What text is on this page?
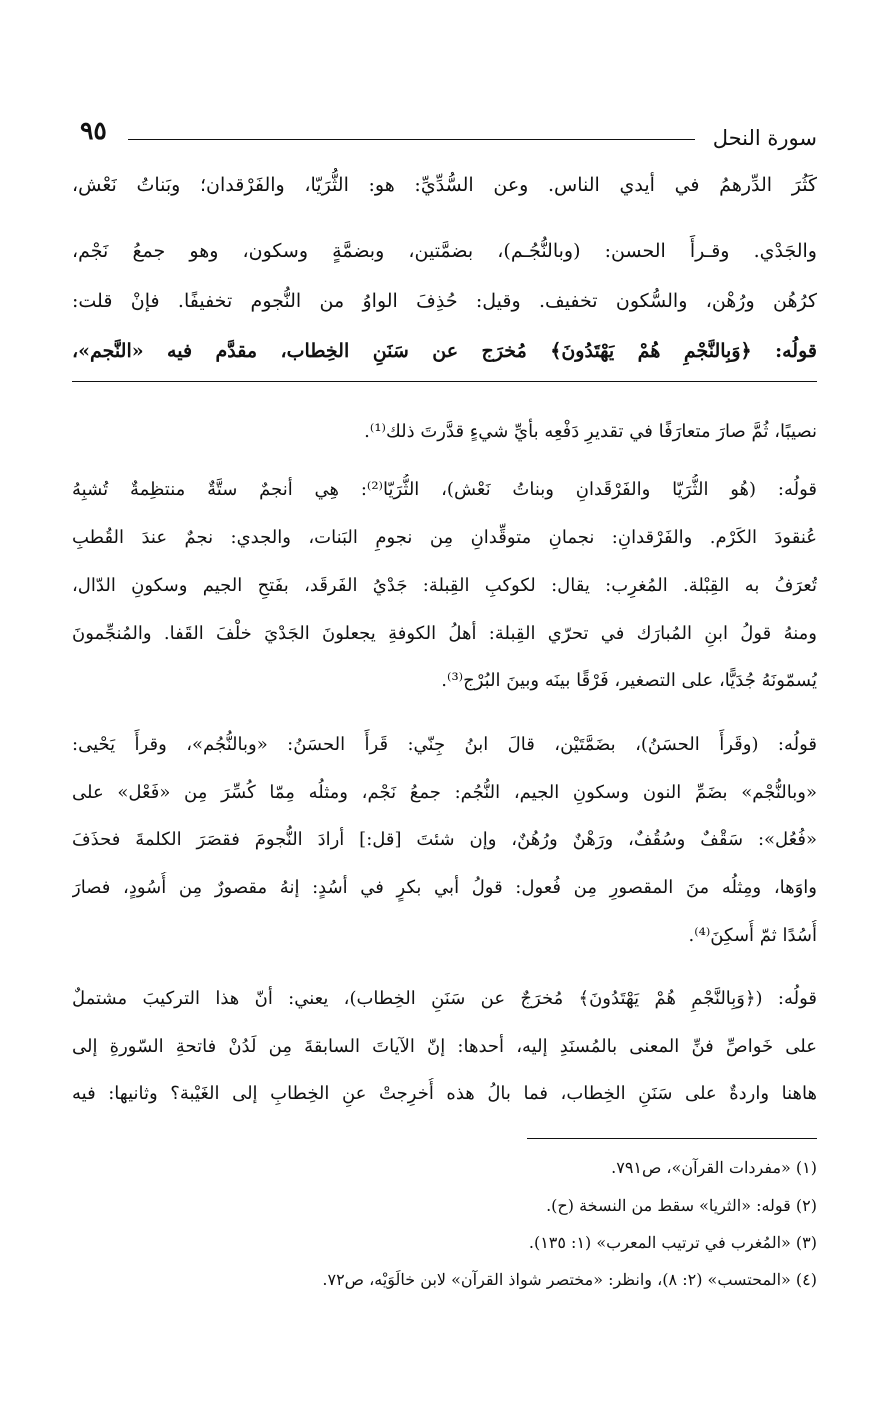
سورة النحل
٩٥
كَثُرَ الدِّرهمُ في أيدي الناس. وعن السُّدِّيِّ: هو: الثُّرَيّا، والفَرْقدان؛ وبَناتُ نَعْش،
والجَدْي. وقـرأَ الحسن: (وبالنُّجُـم)، بضمَّتين، وبضمَّةٍ وسكون، وهو جمعُ نَجْم،
كرُهُن ورُهْن، والسُّكون تخفيف. وقيل: حُذِفَ الواوُ من النُّجوم تخفيفًا. فإنْ قلت:
قولُه: ﴿وَبِالنَّجْمِ هُمْ يَهْتَدُونَ﴾ مُخرَج عن سَنَنِ الخِطاب، مقدَّم فيه «النَّجم»،
نصيبًا، ثُمَّ صارَ متعارَفًا في تقديرِ دَفْعِه بأيِّ شيءٍ قدَّرتَ ذلك⁽¹⁾.
قولُه: (هُو الثُّرَيّا والفَرْقَدانِ وبناتُ نَعْش)، الثُّرَيّا⁽²⁾: هِي أنجمٌ ستَّةٌ منتظِمةٌ تُشبِهُ
عُنقودَ الكَرْم. والفَرْقدانِ: نجمانِ متوقِّدانِ مِن نجومِ البَنات، والجدي: نجمٌ عندَ القُطبِ
تُعرَفُ به القِبْلة. المُغرِب: يقال: لكوكبِ القِبلة: جَدْيُ الفَرقَد، بفَتحِ الجيم وسكونِ الدّال،
ومنهُ قولُ ابنِ المُبارَك في تحرّي القِبلة: أهلُ الكوفةِ يجعلونَ الجَدْيَ خلْفَ القَفا. والمُنجِّمونَ
يُسمّونَهُ جُدَيًّا، على التصغير، فَرْقًا بينَه وبينَ البُرْج⁽³⁾.
قولُه: (وقَرأَ الحسَنُ)، بضَمَّتَيْن، قالَ ابنُ جِنّي: قَرأَ الحسَنُ: «وبالنُّجُم»، وقرأَ يَحْيى:
«وبالنُّجْم» بضَمِّ النون وسكونِ الجيم، النُّجُم: جمعُ نَجْم، ومثلُه مِمّا كُسِّرَ مِن «فَعْل» على
«فُعُل»: سَقْفٌ وسُقُفٌ، ورَهْنٌ ورُهُنٌ، وإن شئتَ [قل:] أرادَ النُّجومَ فقصَرَ الكلمةَ فحذَفَ
واوَها، ومِثلُه منَ المقصورِ مِن فُعول: قولُ أبي بكرٍ في أسُدٍ: إنهُ مقصورٌ مِن أُسُودٍ، فصارَ
أُسُدًا ثمّ أُسكِنَ⁽⁴⁾.
قولُه: (﴿وَبِالنَّجْمِ هُمْ يَهْتَدُونَ﴾ مُخرَجٌ عن سَنَنِ الخِطاب)، يعني: أنّ هذا التركيبَ مشتملٌ
على خَواصِّ فنِّ المعنى بالمُسنَدِ إليه، أحدها: إنّ الآياتَ السابقةَ مِن لَدُنْ فاتحةِ السّورةِ إلى
هاهنا واردةٌ على سَنَنِ الخِطاب، فما بالُ هذه أُخرِجتْ عنِ الخِطابِ إلى الغَيْبة؟ وثانيها: فيه
(١) «مفردات القرآن»، ص٧٩١.
(٢) قوله: «الثريا» سقط من النسخة (ح).
(٣) «المُغرب في ترتيب المعرب» (١: ١٣٥).
(٤) «المحتسب» (٢: ٨)، وانظر: «مختصر شواذ القرآن» لابن خالَوَيْه، ص٧٢.
